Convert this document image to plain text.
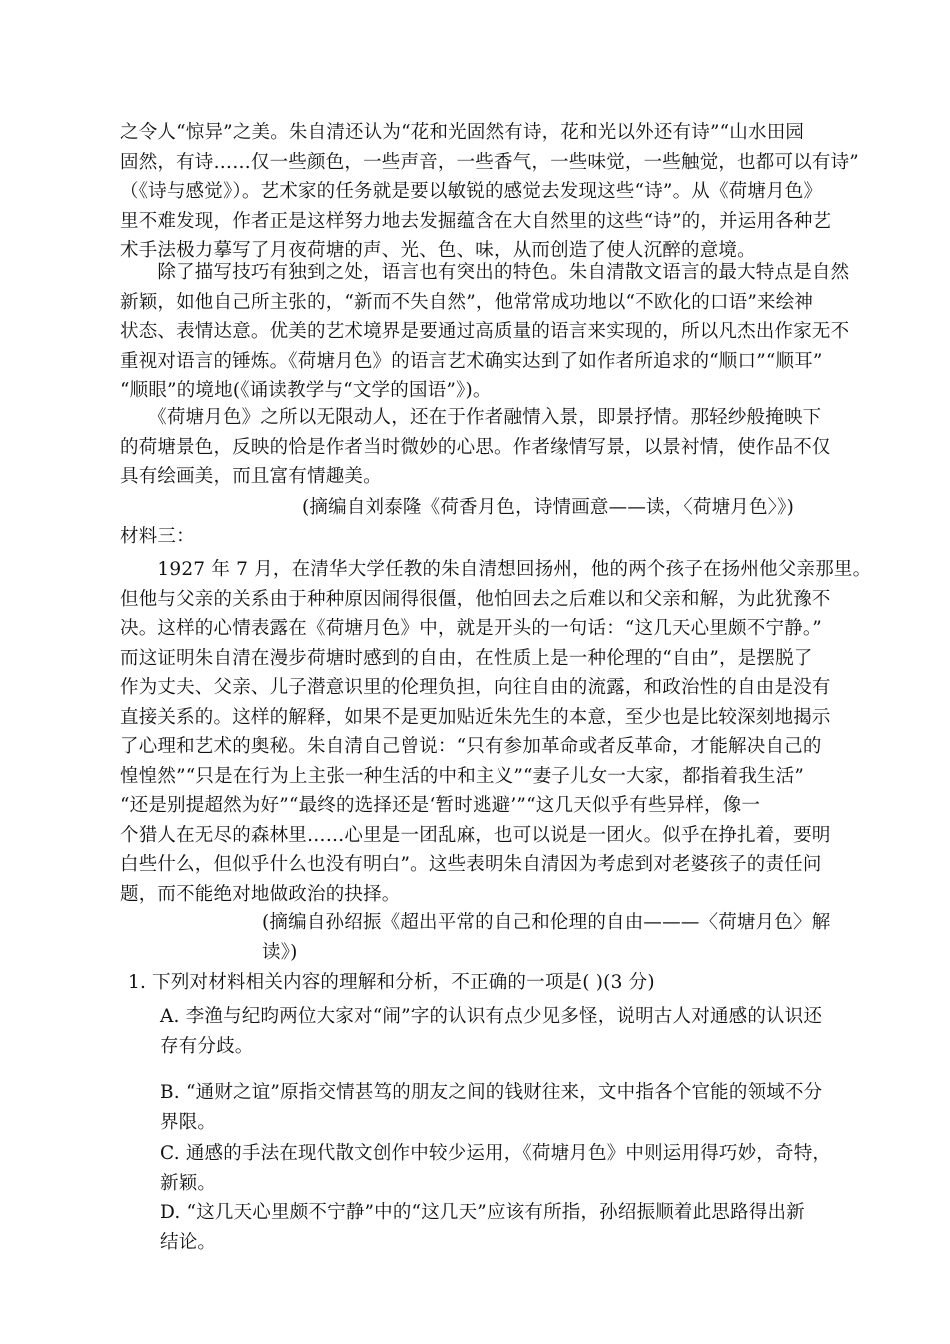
之令人“惊异”之美。朱自清还认为“花和光固然有诗，花和光以外还有诗”“山水田园
固然，有诗……仅一些颜色，一些声音，一些香气，一些味觉，一些触觉，也都可以有诗”
（《诗与感觉》）。艺术家的任务就是要以敏锐的感觉去发现这些“诗”。从《荷塘月色》
里不难发现，作者正是这样努力地去发掘蕴含在大自然里的这些“诗”的，并运用各种艺
术手法极力摹写了月夜荷塘的声、光、色、味，从而创造了使人沉醉的意境。
　　除了描写技巧有独到之处，语言也有突出的特色。朱自清散文语言的最大特点是自然
新颖，如他自己所主张的，“新而不失自然”，他常常成功地以“不欧化的口语”来绘神
状态、表情达意。优美的艺术境界是要通过高质量的语言来实现的，所以凡杰出作家无不
重视对语言的锤炼。《荷塘月色》的语言艺术确实达到了如作者所追求的“顺口”“顺耳”
“顺眼”的境地(《诵读教学与“文学的国语”》)。
　　《荷塘月色》之所以无限动人，还在于作者融情入景，即景抒情。那轻纱般掩映下
的荷塘景色，反映的恰是作者当时微妙的心思。作者缘情写景，以景衬情，使作品不仅
具有绘画美，而且富有情趣美。
(摘编自刘泰隆《荷香月色，诗情画意——读，〈荷塘月色〉》)
材料三：
　　1927 年 7 月，在清华大学任教的朱自清想回扬州，他的两个孩子在扬州他父亲那里。
但他与父亲的关系由于种种原因闹得很僵，他怕回去之后难以和父亲和解，为此犹豫不
决。这样的心情表露在《荷塘月色》中，就是开头的一句话：“这几天心里颇不宁静。”
而这证明朱自清在漫步荷塘时感到的自由，在性质上是一种伦理的“自由”，是摆脱了
作为丈夫、父亲、儿子潜意识里的伦理负担，向往自由的流露，和政治性的自由是没有
直接关系的。这样的解释，如果不是更加贴近朱先生的本意，至少也是比较深刻地揭示
了心理和艺术的奥秘。朱自清自己曾说：“只有参加革命或者反革命，才能解决自己的
惶惶然”“只是在行为上主张一种生活的中和主义”“妻子儿女一大家，都指着我生活”
“还是别提超然为好”“最终的选择还是‘暂时逃避’”“这几天似乎有些异样，像一
个猎人在无尽的森林里……心里是一团乱麻，也可以说是一团火。似乎在挣扎着，要明
白些什么，但似乎什么也没有明白”。这些表明朱自清因为考虑到对老婆孩子的责任问
题，而不能绝对地做政治的抉择。
(摘编自孙绍振《超出平常的自己和伦理的自由———〈荷塘月色〉解
读》)
1. 下列对材料相关内容的理解和分析，不正确的一项是( )(3 分)
A. 李渔与纪昀两位大家对“闹”字的认识有点少见多怪，说明古人对通感的认识还
存有分歧。
B. “通财之谊”原指交情甚笃的朋友之间的钱财往来，文中指各个官能的领域不分
界限。
C. 通感的手法在现代散文创作中较少运用，《荷塘月色》中则运用得巧妙，奇特，
新颖。
D. “这几天心里颇不宁静”中的“这几天”应该有所指，孙绍振顺着此思路得出新
结论。
